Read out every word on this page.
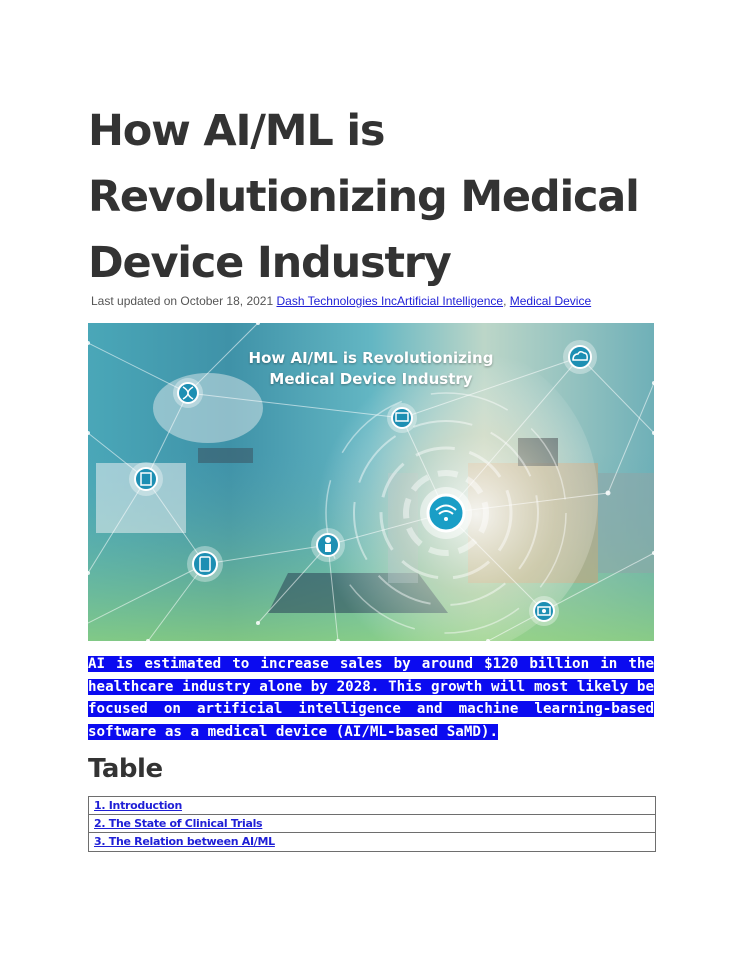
How AI/ML is Revolutionizing Medical Device Industry
Last updated on October 18, 2021 Dash Technologies IncArtificial Intelligence, Medical Device
How AI/ML is Revolutionizing
Medical Device Industry
AI is estimated to increase sales by around $120 billion in the healthcare industry alone by 2028. This growth will most likely be focused on artificial intelligence and machine learning-based software as a medical device (AI/ML-based SaMD).
Table
1. Introduction
2. The State of Clinical Trials
3. The Relation between AI/ML
